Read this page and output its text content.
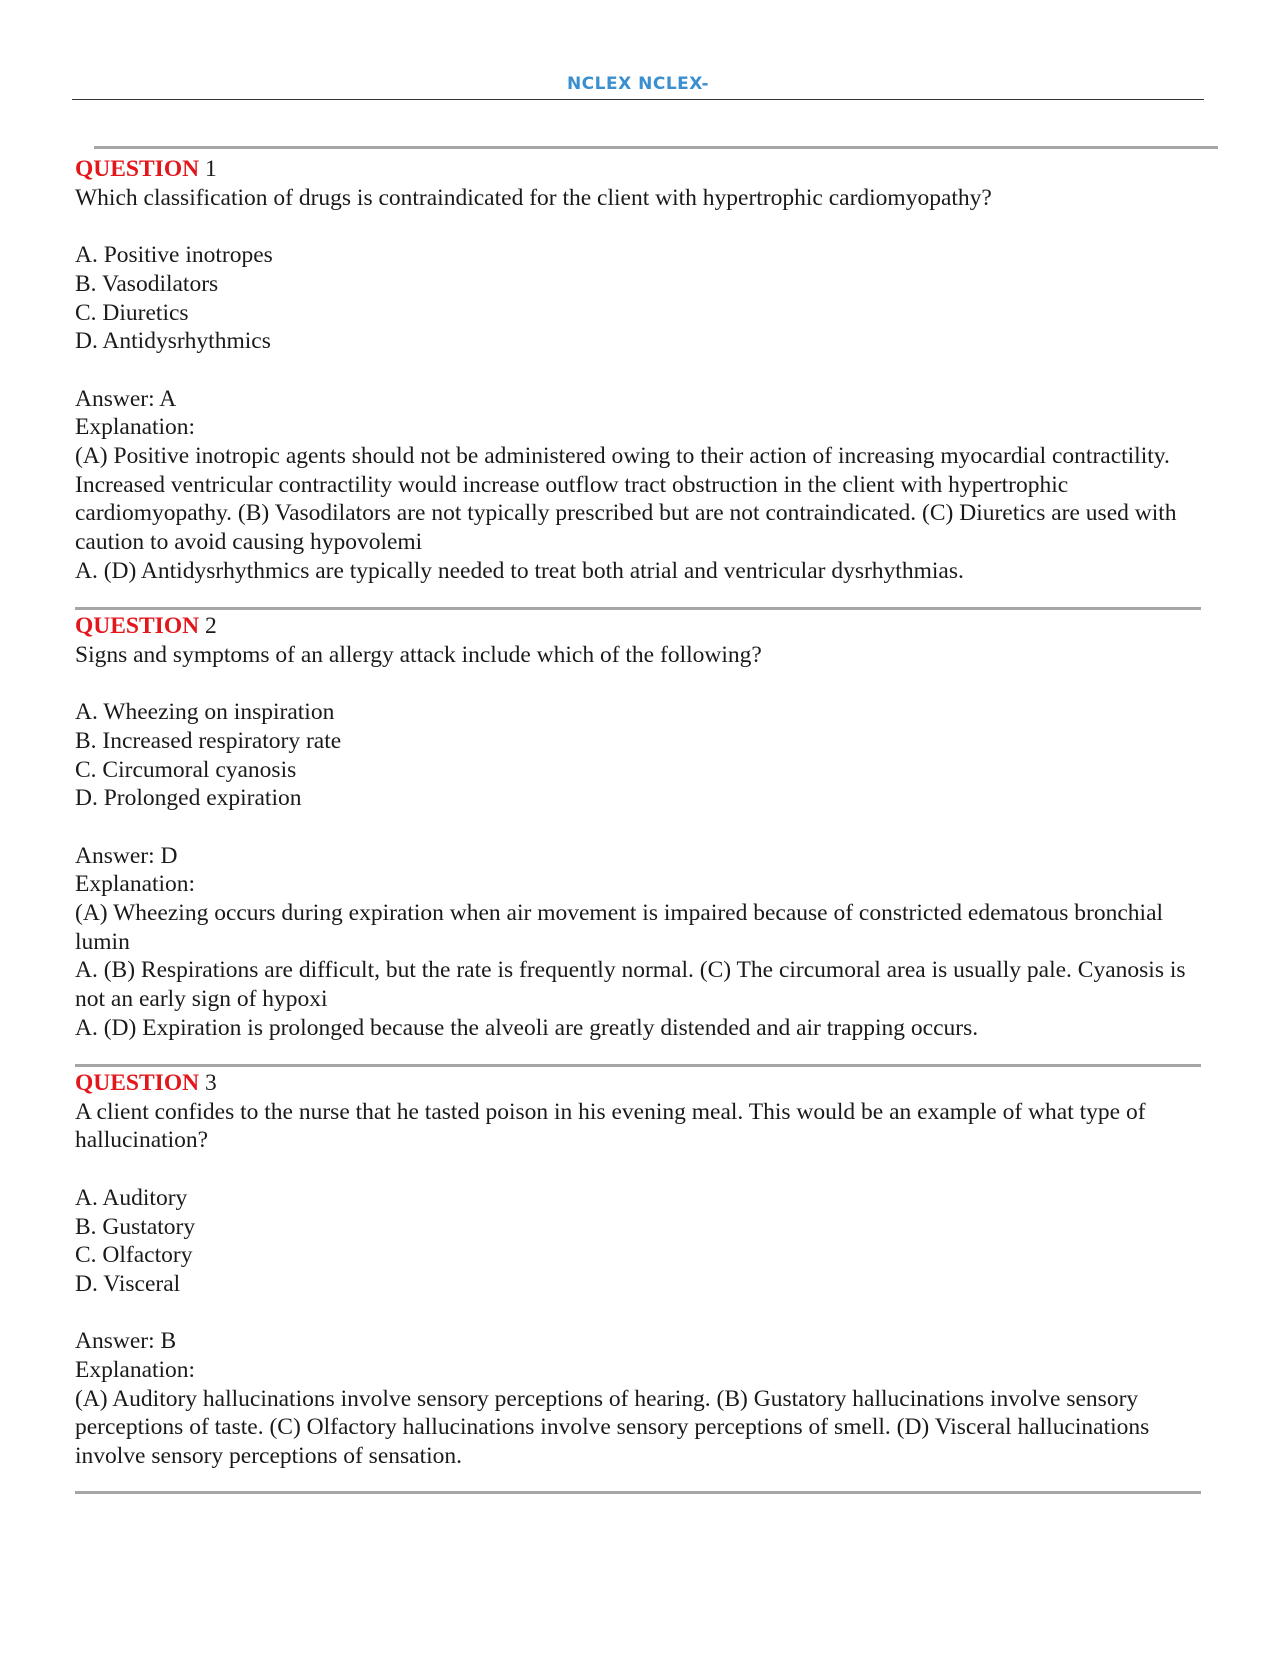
NCLEX NCLEX-

QUESTION 1

Which classification of drugs is contraindicated for the client with hypertrophic cardiomyopathy?

A. Positive inotropes

B. Vasodilators

C. Diuretics

D. Antidysrhythmics

Answer: A

Explanation:

(A) Positive inotropic agents should not be administered owing to their action of increasing myocardial contractility. Increased ventricular contractility would increase outflow tract obstruction in the client with hypertrophic cardiomyopathy. (B) Vasodilators are not typically prescribed but are not contraindicated. (C) Diuretics are used with caution to avoid causing hypovolemi

A. (D) Antidysrhythmics are typically needed to treat both atrial and ventricular dysrhythmias.

QUESTION 2

Signs and symptoms of an allergy attack include which of the following?

A. Wheezing on inspiration

B. Increased respiratory rate

C. Circumoral cyanosis

D. Prolonged expiration

Answer: D

Explanation:

(A) Wheezing occurs during expiration when air movement is impaired because of constricted edematous bronchial lumin

A. (B) Respirations are difficult, but the rate is frequently normal. (C) The circumoral area is usually pale. Cyanosis is not an early sign of hypoxi

A. (D) Expiration is prolonged because the alveoli are greatly distended and air trapping occurs.

QUESTION 3

A client confides to the nurse that he tasted poison in his evening meal. This would be an example of what type of hallucination?

A. Auditory

B. Gustatory

C. Olfactory

D. Visceral

Answer: B

Explanation:

(A) Auditory hallucinations involve sensory perceptions of hearing. (B) Gustatory hallucinations involve sensory perceptions of taste. (C) Olfactory hallucinations involve sensory perceptions of smell. (D) Visceral hallucinations involve sensory perceptions of sensation.
